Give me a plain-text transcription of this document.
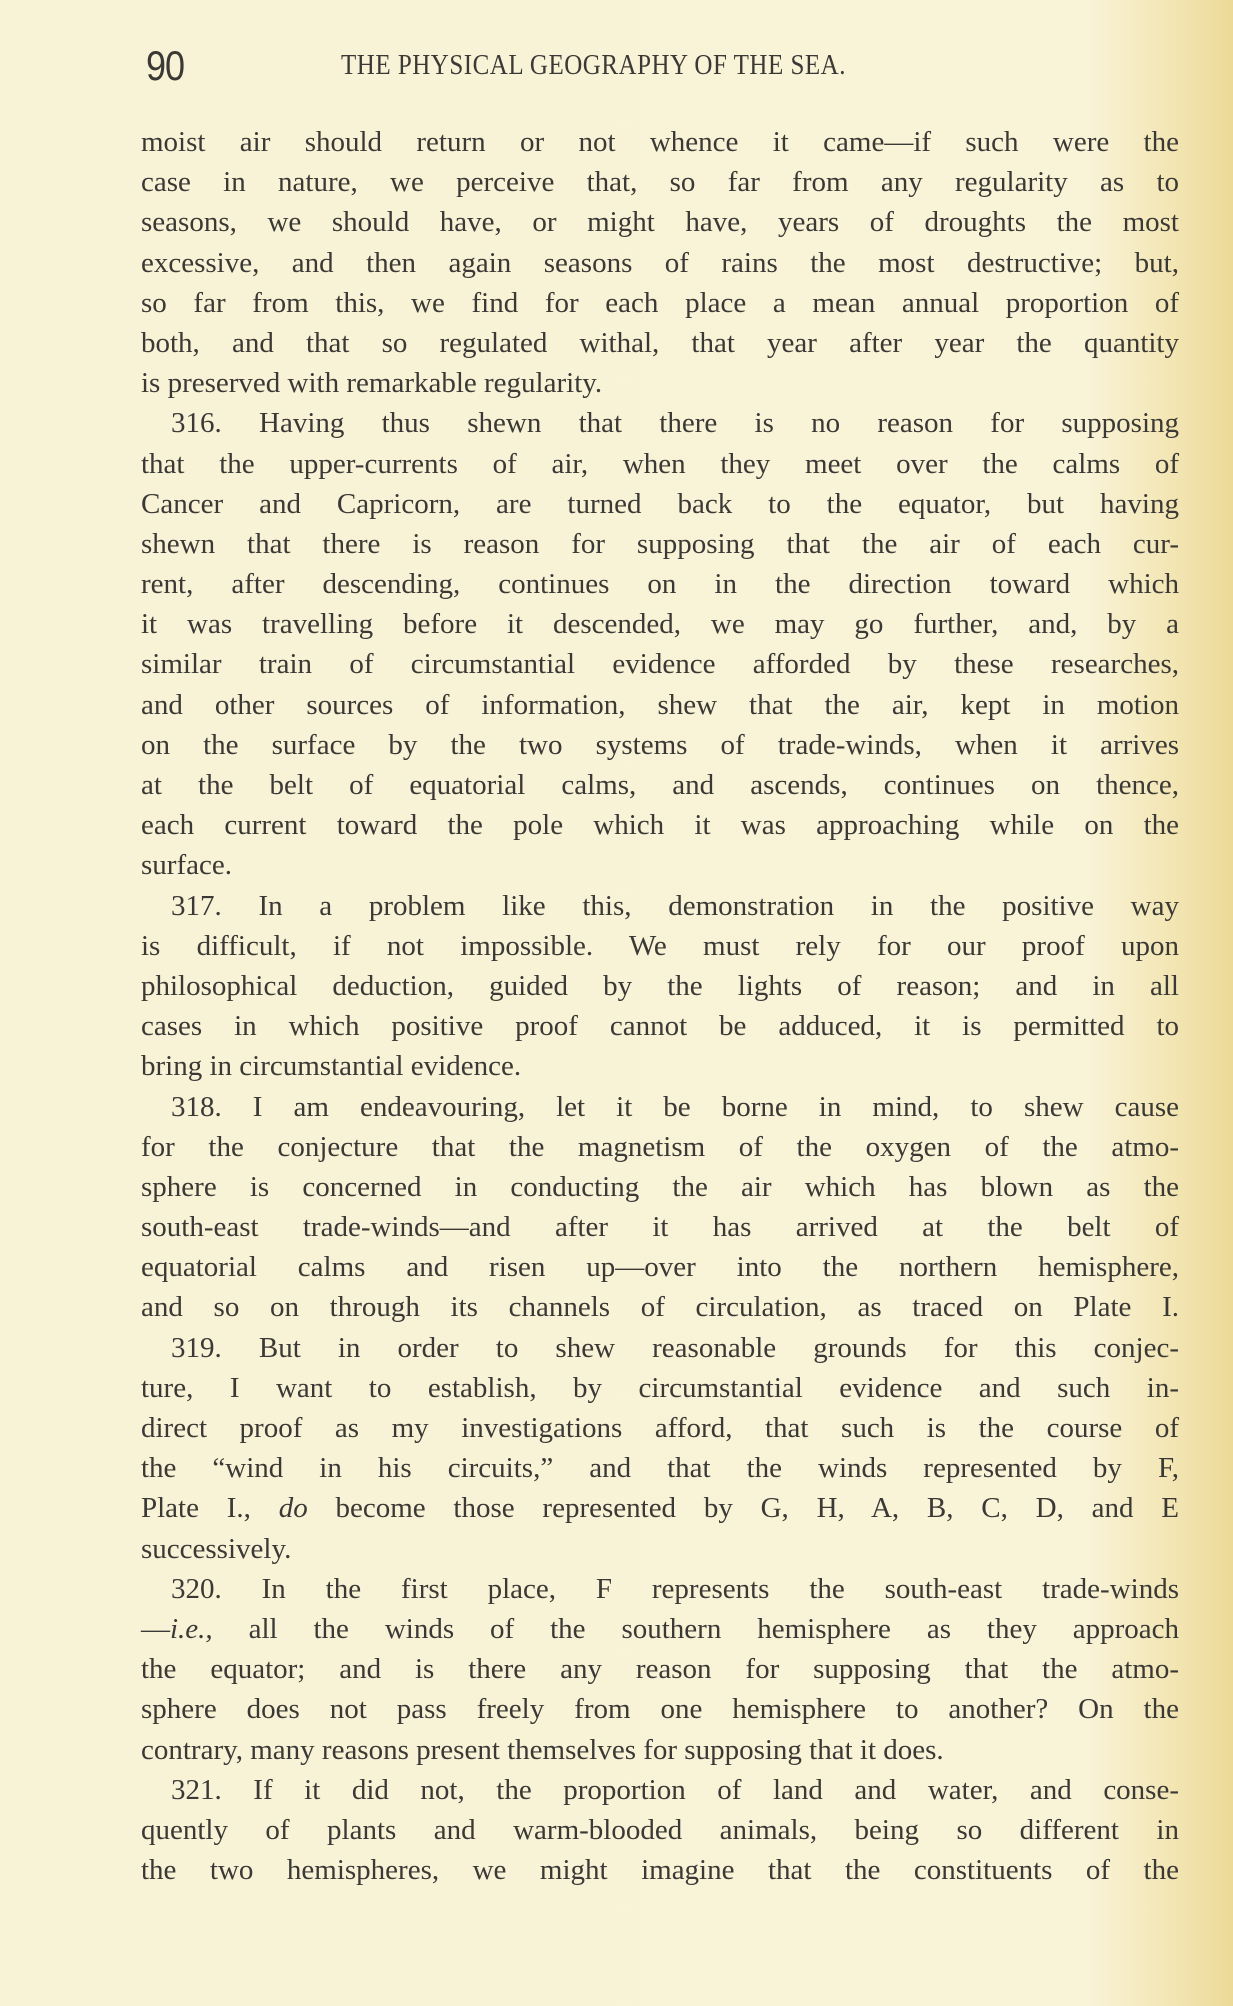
90	THE PHYSICAL GEOGRAPHY OF THE SEA.
moist air should return or not whence it came—if such were the
case in nature, we perceive that, so far from any regularity as to
seasons, we should have, or might have, years of droughts the most
excessive, and then again seasons of rains the most destructive; but,
so far from this, we find for each place a mean annual proportion of
both, and that so regulated withal, that year after year the quantity
is preserved with remarkable regularity.
316. Having thus shewn that there is no reason for supposing
that the upper-currents of air, when they meet over the calms of
Cancer and Capricorn, are turned back to the equator, but having
shewn that there is reason for supposing that the air of each cur-
rent, after descending, continues on in the direction toward which
it was travelling before it descended, we may go further, and, by a
similar train of circumstantial evidence afforded by these researches,
and other sources of information, shew that the air, kept in motion
on the surface by the two systems of trade-winds, when it arrives
at the belt of equatorial calms, and ascends, continues on thence,
each current toward the pole which it was approaching while on the
surface.
317. In a problem like this, demonstration in the positive way
is difficult, if not impossible. We must rely for our proof upon
philosophical deduction, guided by the lights of reason; and in all
cases in which positive proof cannot be adduced, it is permitted to
bring in circumstantial evidence.
318. I am endeavouring, let it be borne in mind, to shew cause
for the conjecture that the magnetism of the oxygen of the atmo-
sphere is concerned in conducting the air which has blown as the
south-east trade-winds—and after it has arrived at the belt of
equatorial calms and risen up—over into the northern hemisphere,
and so on through its channels of circulation, as traced on Plate I.
319. But in order to shew reasonable grounds for this conjec-
ture, I want to establish, by circumstantial evidence and such in-
direct proof as my investigations afford, that such is the course of
the “wind in his circuits,” and that the winds represented by F,
Plate I., do become those represented by G, H, A, B, C, D, and E
successively.
320. In the first place, F represents the south-east trade-winds
—i.e., all the winds of the southern hemisphere as they approach
the equator; and is there any reason for supposing that the atmo-
sphere does not pass freely from one hemisphere to another? On the
contrary, many reasons present themselves for supposing that it does.
321. If it did not, the proportion of land and water, and conse-
quently of plants and warm-blooded animals, being so different in
the two hemispheres, we might imagine that the constituents of the
